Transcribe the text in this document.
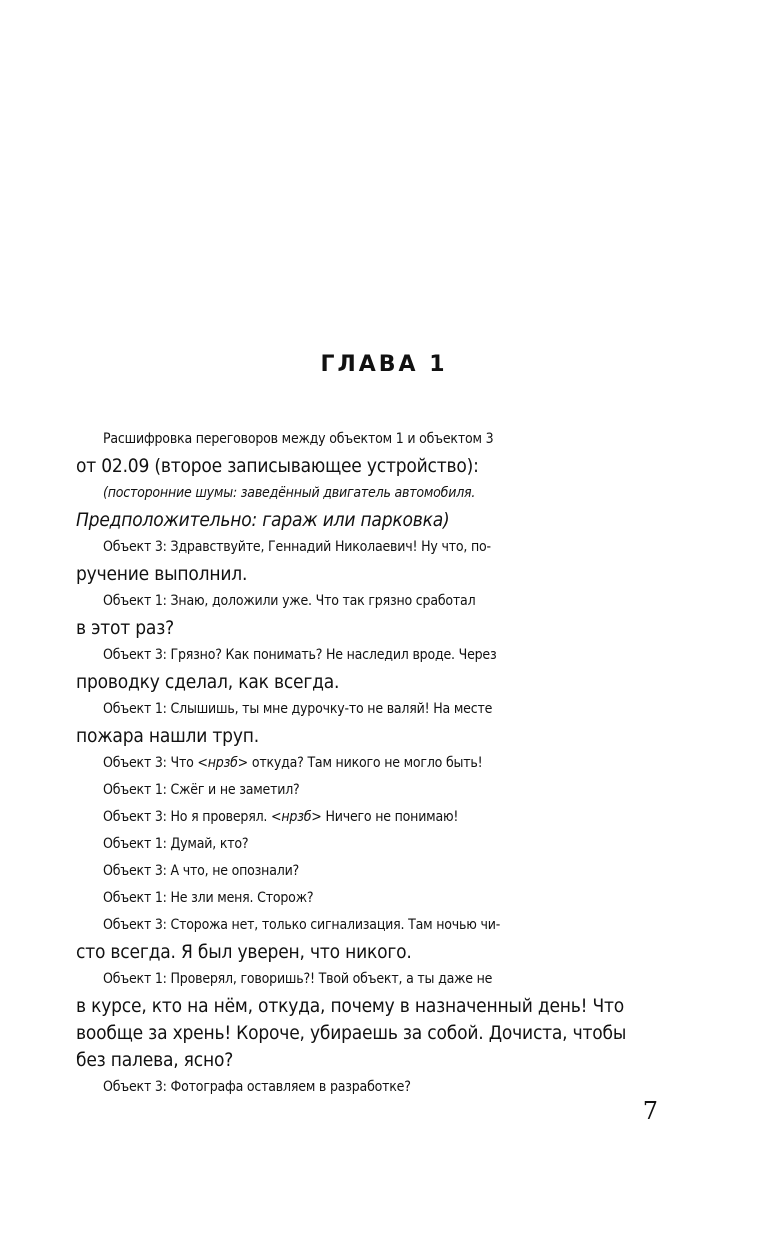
ГЛАВА 1

Расшифровка переговоров между объектом 1 и объектом 3
от 02.09 (второе записывающее устройство):

(посторонние шумы: заведённый двигатель автомобиля.
Предположительно: гараж или парковка)

Объект 3: Здравствуйте, Геннадий Николаевич! Ну что, по-
ручение выполнил.

Объект 1: Знаю, доложили уже. Что так грязно сработал
в этот раз?

Объект 3: Грязно? Как понимать? Не наследил вроде. Через
проводку сделал, как всегда.

Объект 1: Слышишь, ты мне дурочку-то не валяй! На месте
пожара нашли труп.

Объект 3: Что <нрзб> откуда? Там никого не могло быть!

Объект 1: Сжёг и не заметил?

Объект 3: Но я проверял. <нрзб> Ничего не понимаю!

Объект 1: Думай, кто?

Объект 3: А что, не опознали?

Объект 1: Не зли меня. Сторож?

Объект 3: Сторожа нет, только сигнализация. Там ночью чи-
сто всегда. Я был уверен, что никого.

Объект 1: Проверял, говоришь?! Твой объект, а ты даже не
в курсе, кто на нём, откуда, почему в назначенный день! Что
вообще за хрень! Короче, убираешь за собой. Дочиста, чтобы
без палева, ясно?

Объект 3: Фотографа оставляем в разработке?

7
